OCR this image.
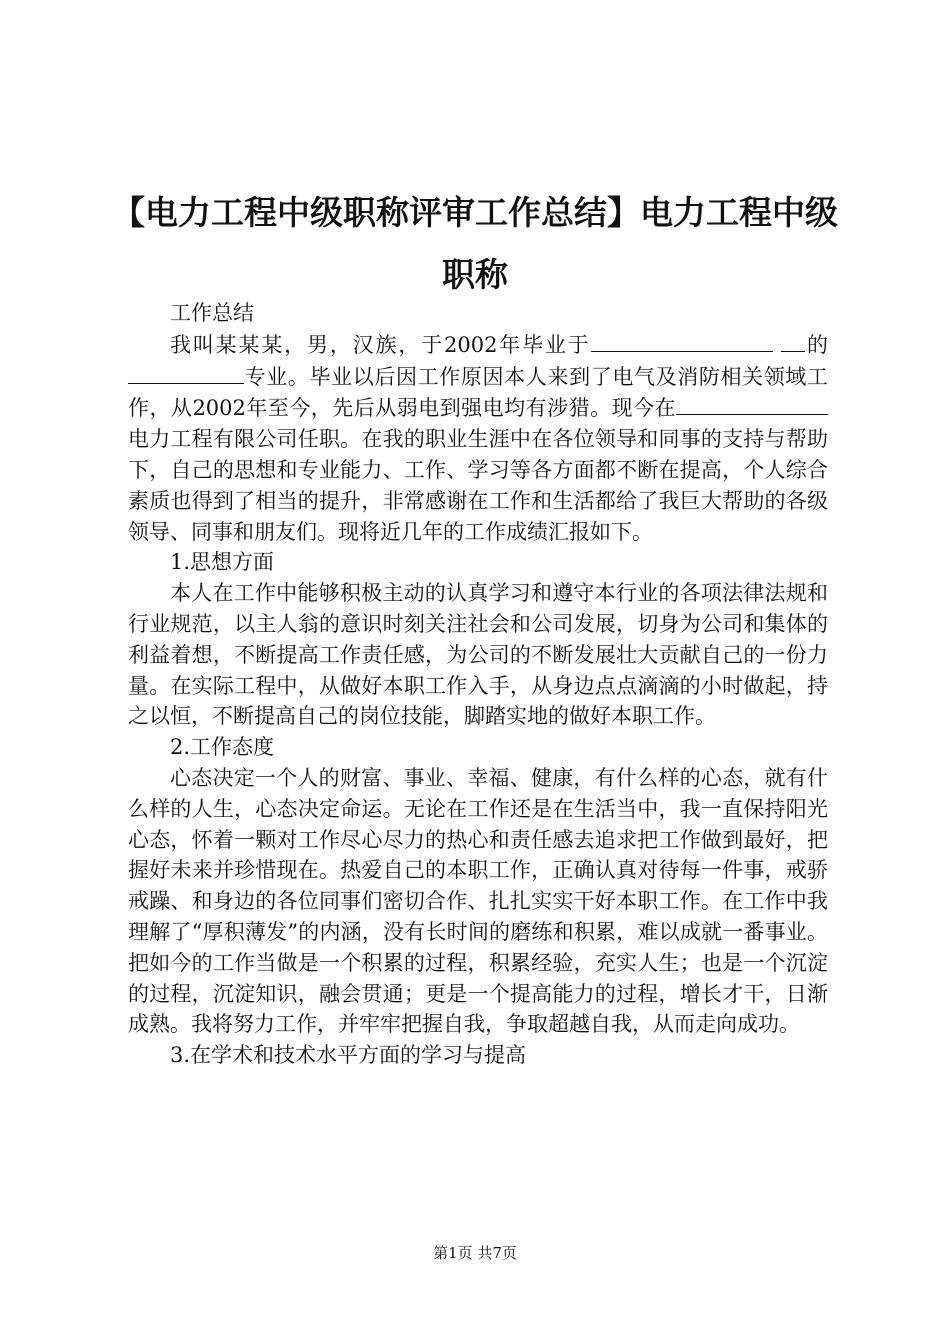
【电力工程中级职称评审工作总结】电力工程中级职称

工作总结

我叫某某某，男，汉族，于2002年毕业于	的专业。毕业以后因工作原因本人来到了电气及消防相关领域工作，从2002年至今，先后从弱电到强电均有涉猎。现今在电力工程有限公司任职。在我的职业生涯中在各位领导和同事的支持与帮助下，自己的思想和专业能力、工作、学习等各方面都不断在提高，个人综合素质也得到了相当的提升，非常感谢在工作和生活都给了我巨大帮助的各级领导、同事和朋友们。现将近几年的工作成绩汇报如下。

1.思想方面

本人在工作中能够积极主动的认真学习和遵守本行业的各项法律法规和行业规范，以主人翁的意识时刻关注社会和公司发展，切身为公司和集体的利益着想，不断提高工作责任感，为公司的不断发展壮大贡献自己的一份力量。在实际工程中，从做好本职工作入手，从身边点点滴滴的小时做起，持之以恒，不断提高自己的岗位技能，脚踏实地的做好本职工作。

2.工作态度

心态决定一个人的财富、事业、幸福、健康，有什么样的心态，就有什么样的人生，心态决定命运。无论在工作还是在生活当中，我一直保持阳光心态，怀着一颗对工作尽心尽力的热心和责任感去追求把工作做到最好，把握好未来并珍惜现在。热爱自己的本职工作，正确认真对待每一件事，戒骄戒躁、和身边的各位同事们密切合作、扎扎实实干好本职工作。在工作中我理解了“厚积薄发”的内涵，没有长时间的磨练和积累，难以成就一番事业。把如今的工作当做是一个积累的过程，积累经验，充实人生；也是一个沉淀的过程，沉淀知识，融会贯通；更是一个提高能力的过程，增长才干，日渐成熟。我将努力工作，并牢牢把握自我，争取超越自我，从而走向成功。

3.在学术和技术水平方面的学习与提高

第1页 共7页
